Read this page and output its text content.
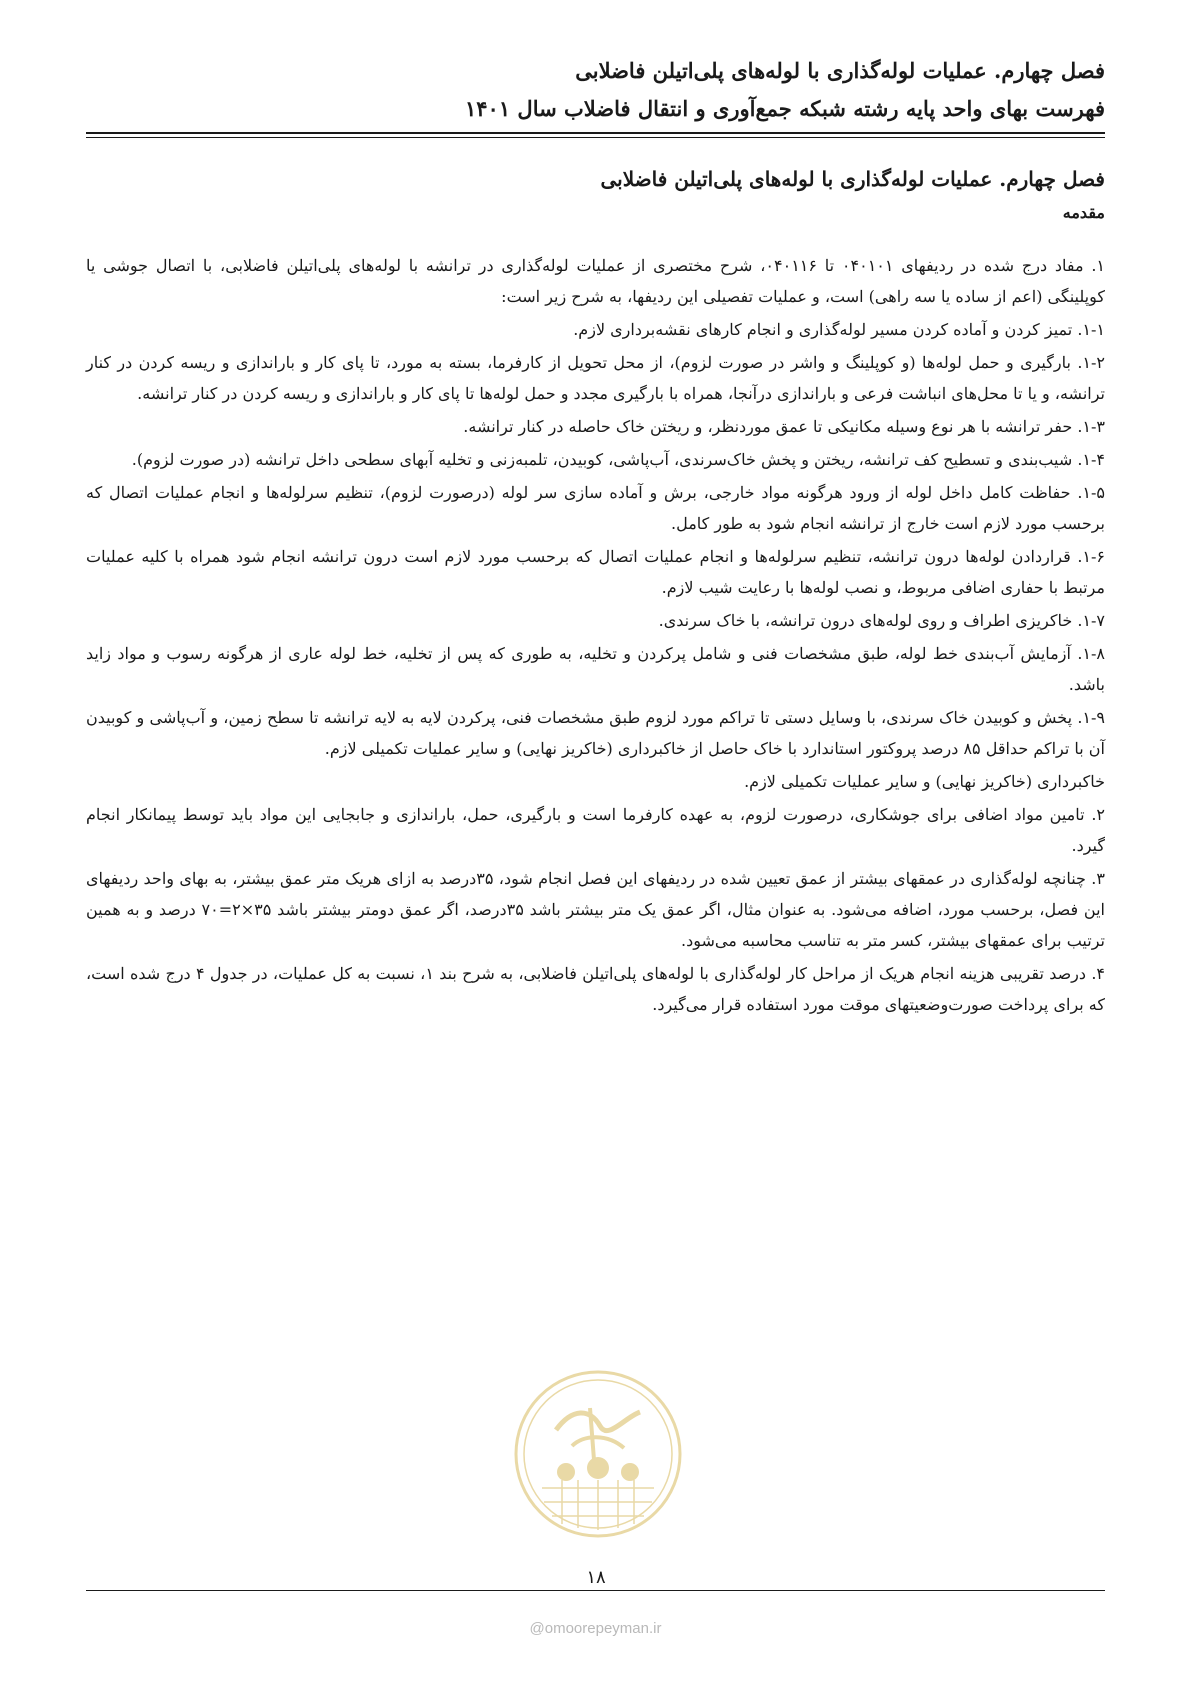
فصل چهارم. عملیات لوله‌گذاری با لوله‌های پلی‌اتیلن فاضلابی

فهرست بهای واحد پایه رشته شبکه جمع‌آوری و انتقال فاضلاب سال ۱۴۰۱

فصل چهارم. عملیات لوله‌گذاری با لوله‌های پلی‌اتیلن فاضلابی

مقدمه

۱. مفاد درج شده در ردیفهای ۰۴۰۱۰۱ تا ۰۴۰۱۱۶، شرح مختصری از عملیات لوله‌گذاری در ترانشه با لوله‌های پلی‌اتیلن فاضلابی، با اتصال جوشی یا کوپلینگی (اعم از ساده یا سه راهی) است، و عملیات تفصیلی این ردیفها، به شرح زیر است:

۱-۱. تمیز کردن و آماده کردن مسیر لوله‌گذاری و انجام کارهای نقشه‌برداری لازم.

۱-۲. بارگیری و حمل لوله‌ها (و کوپلینگ و واشر در صورت لزوم)، از محل تحویل از کارفرما، بسته به مورد، تا پای کار و باراندازی و ریسه کردن در کنار ترانشه، و یا تا محل‌های انباشت فرعی و باراندازی درآنجا، همراه با بارگیری مجدد و حمل لوله‌ها تا پای کار و باراندازی و ریسه کردن در کنار ترانشه.

۱-۳. حفر ترانشه با هر نوع وسیله مکانیکی تا عمق موردنظر، و ریختن خاک حاصله در کنار ترانشه.

۱-۴. شیب‌بندی و تسطیح کف ترانشه، ریختن و پخش خاک‌سرندی، آب‌پاشی، کوبیدن، تلمبه‌زنی و تخلیه آبهای سطحی داخل ترانشه (در صورت لزوم).

۱-۵. حفاظت کامل داخل لوله از ورود هرگونه مواد خارجی، برش و آماده سازی سر لوله (درصورت لزوم)، تنظیم سرلوله‌ها و انجام عملیات اتصال که برحسب مورد لازم است خارج از ترانشه انجام شود به طور کامل.

۱-۶. قراردادن لوله‌ها درون ترانشه، تنظیم سرلوله‌ها و انجام عملیات اتصال که برحسب مورد لازم است درون ترانشه انجام شود همراه با کلیه عملیات مرتبط با حفاری اضافی مربوط، و نصب لوله‌ها با رعایت شیب لازم.

۱-۷. خاکریزی اطراف و روی لوله‌های درون ترانشه، با خاک سرندی.

۱-۸. آزمایش آب‌بندی خط لوله، طبق مشخصات فنی و شامل پرکردن و تخلیه، به طوری که پس از تخلیه، خط لوله عاری از هرگونه رسوب و مواد زاید باشد.

۱-۹. پخش و کوبیدن خاک سرندی، با وسایل دستی تا تراکم مورد لزوم طبق مشخصات فنی، پرکردن لایه به لایه ترانشه تا سطح زمین، و آب‌پاشی و کوبیدن آن با تراکم حداقل ۸۵ درصد پروکتور استاندارد با خاک حاصل از خاکبرداری (خاکریز نهایی) و سایر عملیات تکمیلی لازم.

خاکبرداری (خاکریز نهایی) و سایر عملیات تکمیلی لازم.

۲. تامین مواد اضافی برای جوشکاری، درصورت لزوم، به عهده کارفرما است و بارگیری، حمل، باراندازی و جابجایی این مواد باید توسط پیمانکار انجام گیرد.

۳. چنانچه لوله‌گذاری در عمقهای بیشتر از عمق تعیین شده در ردیفهای این فصل انجام شود، ۳۵درصد به ازای هریک متر عمق بیشتر، به بهای واحد ردیفهای این فصل، برحسب مورد، اضافه می‌شود. به عنوان مثال، اگر عمق یک متر بیشتر باشد ۳۵درصد، اگر عمق دومتر بیشتر باشد ۳۵×۲=۷۰ درصد و به همین ترتیب برای عمقهای بیشتر، کسر متر به تناسب محاسبه می‌شود.

۴. درصد تقریبی هزینه انجام هریک از مراحل کار لوله‌گذاری با لوله‌های پلی‌اتیلن فاضلابی، به شرح بند ۱، نسبت به کل عملیات، در جدول ۴ درج شده است، که برای پرداخت صورت‌وضعیتهای موقت مورد استفاده قرار می‌گیرد.

۱۸
@omoorepeyman.ir
